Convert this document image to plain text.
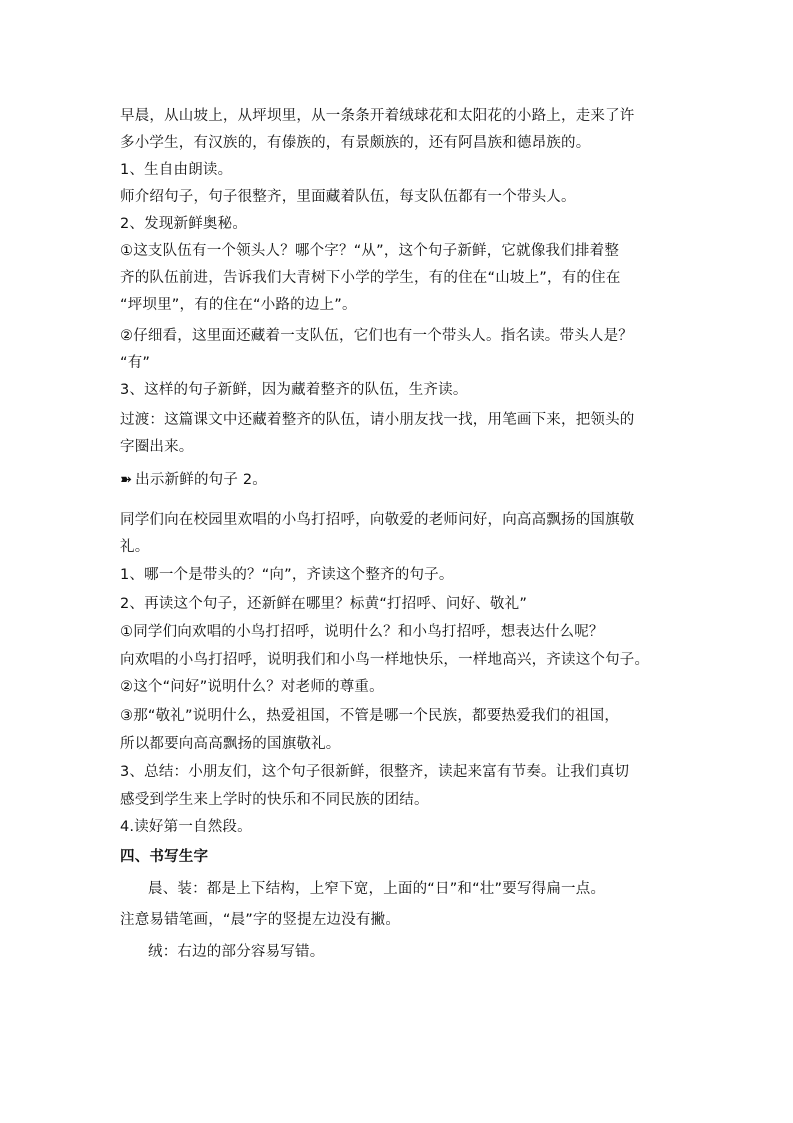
早晨，从山坡上，从坪坝里，从一条条开着绒球花和太阳花的小路上，走来了许
多小学生，有汉族的，有傣族的，有景颇族的，还有阿昌族和德昂族的。
1、生自由朗读。
师介绍句子，句子很整齐，里面藏着队伍，每支队伍都有一个带头人。
2、发现新鲜奥秘。
①这支队伍有一个领头人？哪个字？“从”，这个句子新鲜，它就像我们排着整
齐的队伍前进，告诉我们大青树下小学的学生，有的住在“山坡上”，有的住在
“坪坝里”，有的住在“小路的边上”。
②仔细看，这里面还藏着一支队伍，它们也有一个带头人。指名读。带头人是？
“有”
3、这样的句子新鲜，因为藏着整齐的队伍，生齐读。
过渡：这篇课文中还藏着整齐的队伍，请小朋友找一找，用笔画下来，把领头的
字圈出来。
➽ 出示新鲜的句子 2。
同学们向在校园里欢唱的小鸟打招呼，向敬爱的老师问好，向高高飘扬的国旗敬
礼。
1、哪一个是带头的？“向”，齐读这个整齐的句子。
2、再读这个句子，还新鲜在哪里？标黄“打招呼、问好、敬礼”
①同学们向欢唱的小鸟打招呼，说明什么？和小鸟打招呼，想表达什么呢？
向欢唱的小鸟打招呼，说明我们和小鸟一样地快乐，一样地高兴，齐读这个句子。
②这个“问好”说明什么？对老师的尊重。
③那“敬礼”说明什么，热爱祖国，不管是哪一个民族，都要热爱我们的祖国，
所以都要向高高飘扬的国旗敬礼。
3、总结：小朋友们，这个句子很新鲜，很整齐，读起来富有节奏。让我们真切
感受到学生来上学时的快乐和不同民族的团结。
4.读好第一自然段。
四、书写生字
晨、装：都是上下结构，上窄下宽，上面的“日”和“壮”要写得扁一点。
注意易错笔画，“晨”字的竖提左边没有撇。
绒：右边的部分容易写错。
